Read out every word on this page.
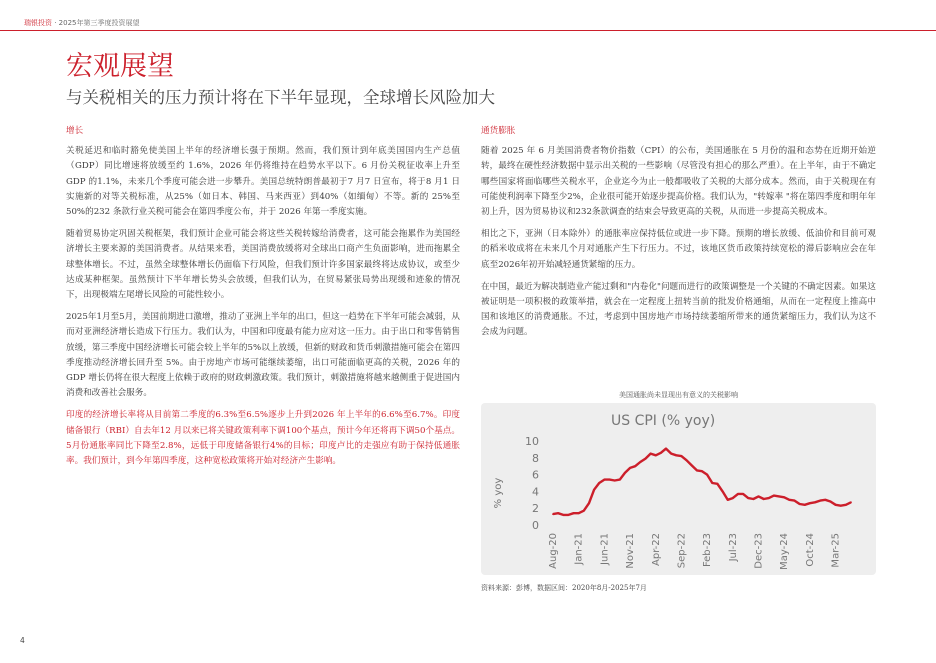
瑞银投资 · 2025年第三季度投资展望
宏观展望
与关税相关的压力预计将在下半年显现，全球增长风险加大

增长

关税延迟和临时豁免使美国上半年的经济增长强于预期。然而，我们预计到年底美国国内生产总值（GDP）同比增速将放缓至约 1.6%，2026 年仍将维持在趋势水平以下。6 月份关税征收率上升至GDP 的1.1%，未来几个季度可能会进一步攀升。美国总统特朗普最初于7 月7 日宣布，将于8 月1 日实施新的对等关税标准，从25%（如日本、韩国、马来西亚）到40%（如缅甸）不等。新的 25%至50%的232 条款行业关税可能会在第四季度公布，并于 2026 年第一季度实施。

随着贸易协定巩固关税框架，我们预计企业可能会将这些关税转嫁给消费者，这可能会拖累作为美国经济增长主要来源的美国消费者。从结果来看，美国消费放缓将对全球出口商产生负面影响，进而拖累全球整体增长。不过，虽然全球整体增长仍面临下行风险，但我们预计许多国家最终将达成协议，或至少达成某种框架。虽然预计下半年增长势头会放缓，但我们认为，在贸易紧张局势出现缓和迹象的情况下，出现极端左尾增长风险的可能性较小。

2025年1月至5月，美国前期进口激增，推动了亚洲上半年的出口，但这一趋势在下半年可能会减弱，从而对亚洲经济增长造成下行压力。我们认为，中国和印度最有能力应对这一压力。由于出口和零售销售放缓，第三季度中国经济增长可能会较上半年的5%以上放缓，但新的财政和货币刺激措施可能会在第四季度推动经济增长回升至 5%。由于房地产市场可能继续萎缩，出口可能面临更高的关税，2026 年的 GDP 增长仍将在很大程度上依赖于政府的财政刺激政策。我们预计，刺激措施将越来越侧重于促进国内消费和改善社会服务。

印度的经济增长率将从目前第二季度的6.3%至6.5%逐步上升到2026 年上半年的6.6%至6.7%。印度储备银行（RBI）自去年12 月以来已将关键政策利率下调100个基点，预计今年还将再下调50个基点。5月份通胀率同比下降至2.8%，远低于印度储备银行4%的目标；印度卢比的走强应有助于保持低通胀率。我们预计，到今年第四季度，这种宽松政策将开始对经济产生影响。

通货膨胀

随着 2025 年 6 月美国消费者物价指数（CPI）的公布，美国通胀在 5 月份的温和态势在近期开始逆转，最终在硬性经济数据中显示出关税的一些影响（尽管没有担心的那么严重）。在上半年，由于不确定哪些国家将面临哪些关税水平，企业迄今为止一般都吸收了关税的大部分成本。然而，由于关税现在有可能使利润率下降至少2%，企业很可能开始逐步提高价格。我们认为，"转嫁率 "将在第四季度和明年年初上升，因为贸易协议和232条款调查的结束会导致更高的关税，从而进一步提高关税成本。

相比之下，亚洲（日本除外）的通胀率应保持低位或进一步下降。预期的增长放缓、低油价和目前可观的稻米收成将在未来几个月对通胀产生下行压力。不过，该地区货币政策持续宽松的滞后影响应会在年底至2026年初开始减轻通货紧缩的压力。

在中国，最近为解决制造业产能过剩和"内卷化"问题而进行的政策调整是一个关键的不确定因素。如果这被证明是一项积极的政策举措，就会在一定程度上扭转当前的批发价格通缩，从而在一定程度上推高中国和该地区的消费通胀。不过，考虑到中国房地产市场持续萎缩所带来的通货紧缩压力，我们认为这不会成为问题。

美国通胀尚未显现出有意义的关税影响
US CPI (% yoy)
% yoy
0
2
4
6
8
10
Aug-20 Jan-21 Jun-21 Nov-21 Apr-22 Sep-22 Feb-23 Jul-23 Dec-23 May-24 Oct-24 Mar-25
资料来源：彭博，数据区间：2020年8月-2025年7月
4
